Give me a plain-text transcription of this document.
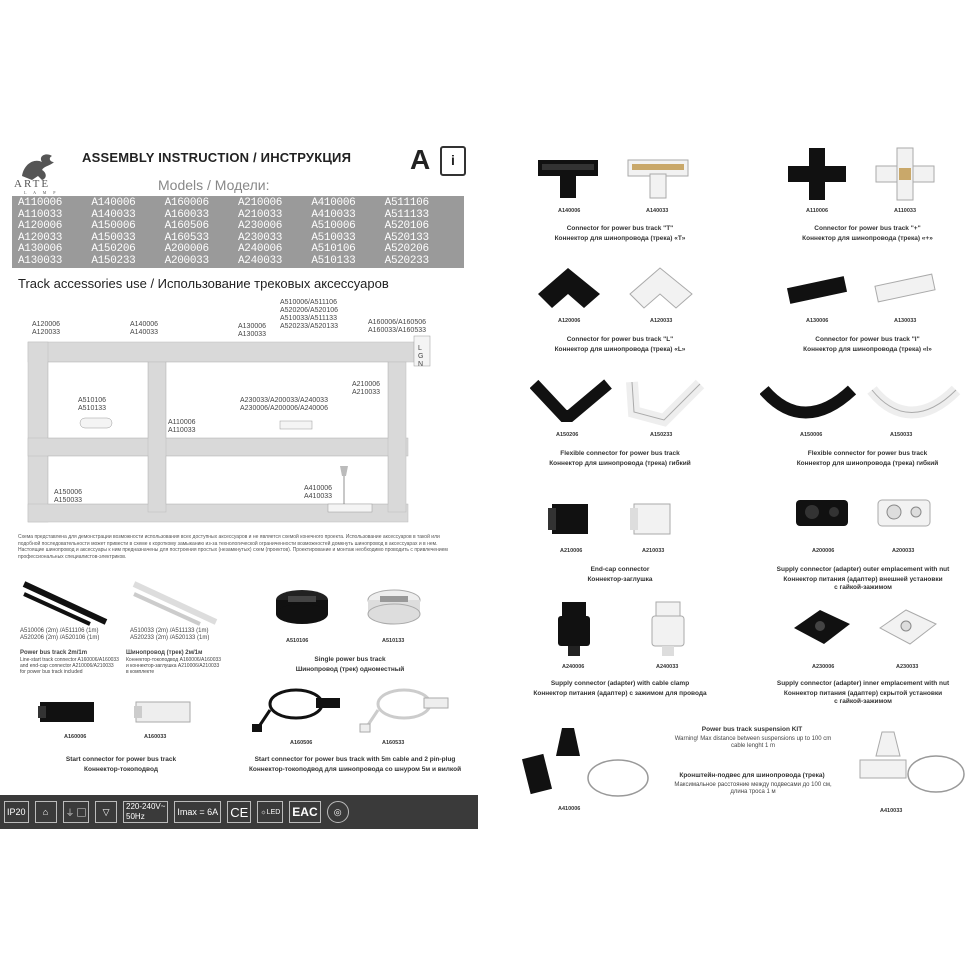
ARTE
L A M P
ASSEMBLY INSTRUCTION / ИНСТРУКЦИЯ A	i
Models / Модели:
A110006	A140006	A160006	A210006	A410006	A511106
A110033	A140033	A160033	A210033	A410033	A511133
A120006	A150006	A160506	A230006	A510006	A520106
A120033	A150033	A160533	A230033	A510033	A520133
A130006	A150206	A200006	A240006	A510106	A520206
A130033	A150233	A200033	A240033	A510133	A520233
Track accessories use / Использование трековых аксессуаров
A120006 A120033
A140006 A140033
A130006 A130033
A510006/A511106 A520206/A520106 A510033/A511133 A520233/A520133
A160006/A160506 A160033/A160533
A510106 A510133
A210006 A210033
A230033/A200033/A240033 A230006/A200006/A240006
A110006 A110033
A150006 A150033
A410006 A410033
L G N
Схема представлена для демонстрации возможности использования всех доступных аксессуаров и не является схемой конечного проекта. Использование аксессуаров в такой или подобной последовательности может привести в схеме к короткому замыканию из-за технологической ограниченности возможностей домкнуть шинопровод в аксессуарах и в нем. Настоящие шинопровод и аксессуары к ним предназначены для построения простых (незамкнутых) схем (проектов). Проектирование и монтаж необходимо проводить с привлечением профессиональных специалистов-электриков.
A510006 (2m) /A511106 (1m)
A520206 (2m) /A520106 (1m)
A510033 (2m) /A511133 (1m)
A520233 (2m) /A520133 (1m)
Power bus track 2m/1m
Line-start track connector A160006/A160033
and end-cap connector A210006/A210033
for power bus track included
Шинопровод (трек) 2м/1м
Коннектор-токоподвод A160006/A160033
и коннектор-заглушка A210006/A210033
в комплекте
A510106	A510133
Single power bus track
Шинопровод (трек) одноместный
A160006	A160033
Start connector for power bus track
Коннектор-токоподвод
A160506	A160533
Start connector for power bus track with 5m cable and 2 pin-plug
Коннектор-токоподвод для шинопровода со шнуром 5м и вилкой
IP20	⌂	⏚ ▢	▽	220-240V~
50Hz	Imax = 6A CE	☼ LED EAC	◎
A140006	A140033
Connector for power bus track "T"
Коннектор для шинопровода (трека) «Т»
A110006	A110033
Connector for power bus track "+"
Коннектор для шинопровода (трека) «+»
A120006	A120033
Connector for power bus track "L"
Коннектор для шинопровода (трека) «L»
A130006	A130033
Connector for power bus track "I"
Коннектор для шинопровода (трека) «I»
A150206	A150233
Flexible connector for power bus track
Коннектор для шинопровода (трека) гибкий
A150006	A150033
Flexible connector for power bus track
Коннектор для шинопровода (трека) гибкий
A210006	A210033
End-cap connector
Коннектор-заглушка
A200006	A200033
Supply connector (adapter) outer emplacement with nut
Коннектор питания (адаптер) внешней установки
с гайкой-зажимом
A240006	A240033
Supply connector (adapter) with cable clamp
Коннектор питания (адаптер) с зажимом для провода
A230006	A230033
Supply connector (adapter) inner emplacement with nut
Коннектор питания (адаптер) скрытой установки
с гайкой-зажимом
A410006
Power bus track suspension KIT
Warning! Max distance between suspensions up to 100 cm
cable lenght 1 m
Кронштейн-подвес для шинопровода (трека)
Максимальное расстояние между подвесами до 100 см,
длина троса 1 м
A410033
